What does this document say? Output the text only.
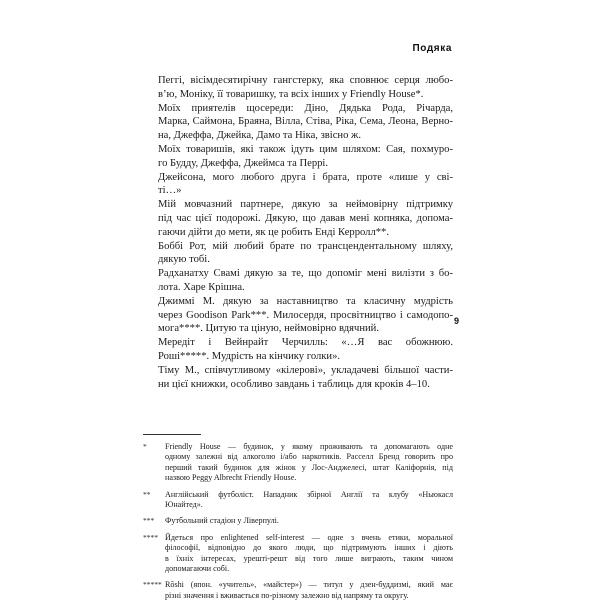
Подяка
9

Пеггі, вісімдесятирічну гангстерку, яка сповнює серця любо-
в’ю, Моніку, її товаришку, та всіх інших у Friendly House*.

Моїх приятелів щосереди: Діно, Дядька Рода, Річарда,
Марка, Саймона, Браяна, Вілла, Стіва, Ріка, Сема, Леона, Верно-
на, Джеффа, Джейка, Дамо та Ніка, звісно ж.

Моїх товаришів, які також ідуть цим шляхом: Сая, похмуро-
го Будду, Джеффа, Джеймса та Перрі.

Джейсона, мого любого друга і брата, проте «лише у сві-
ті…»

Мій мовчазний партнере, дякую за неймовірну підтримку
під час цієї подорожі. Дякую, що давав мені копняка, допома-
гаючи дійти до мети, як це робить Енді Керролл**.

Боббі Рот, мій любий брате по трансцендентальному шляху,
дякую тобі.

Радханатху Свамі дякую за те, що допоміг мені вилізти з бо-
лота. Харе Крішна.

Джиммі М. дякую за наставництво та класичну мудрість
через Goodison Park***. Милосердя, просвітництво і самодопо-
мога****. Цитую та ціную, неймовірно вдячний.

Мередіт і Вейнрайт Черчилль: «…Я вас обожнюю.
Роші*****. Мудрість на кінчику голки».

Тіму М., співчутливому «кілерові», укладачеві більшої части-
ни цієї книжки, особливо завдань і таблиць для кроків 4–10.

* Friendly House — будинок, у якому проживають та допомагають одне
одному залежні від алкоголю і/або наркотиків. Расселл Бренд говорить про
перший такий будинок для жінок у Лос-Анджелесі, штат Каліфорнія, під
назвою Peggy Albrecht Friendly House.
** Англійський футболіст. Нападник збірної Англії та клубу «Ньюкасл
Юнайтед».
*** Футбольний стадіон у Ліверпулі.
**** Йдеться про enlightened self-interest — одне з вчень етики, моральної
філософії, відповідно до якого люди, що підтримують інших і діють
в їхніх інтересах, урешті-решт від того лише виграють, таким чином
допомагаючи собі.
***** Rōshi (япон. «учитель», «майстер») — титул у дзен-буддизмі, який має
різні значення і вживається по-різному залежно від напряму та округу.
